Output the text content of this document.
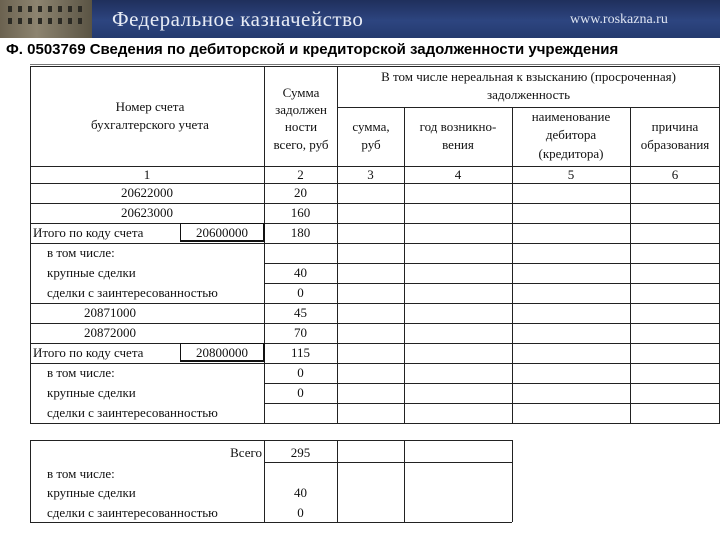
Федеральное казначейство	www.roskazna.ru
Ф. 0503769 Сведения по дебиторской и кредиторской задолженности учреждения
Номер счета
бухгалтерского учета
Сумма
задолжен
ности
всего, руб
В том числе нереальная к взысканию (просроченная)
задолженность
сумма,
руб
год возникно-
вения
наименование
дебитора
(кредитора)
причина
образования
1	2	3	4	5	6
20622000	20
20623000	160
Итого по коду счета	20600000	180
в том числе:
крупные сделки	40
сделки с заинтересованностью	0
20871000	45
20872000	70
Итого по коду счета	20800000	115
в том числе:	0
крупные сделки	0
сделки с заинтересованностью
Всего	295
в том числе:
крупные сделки	40
сделки с заинтересованностью	0
